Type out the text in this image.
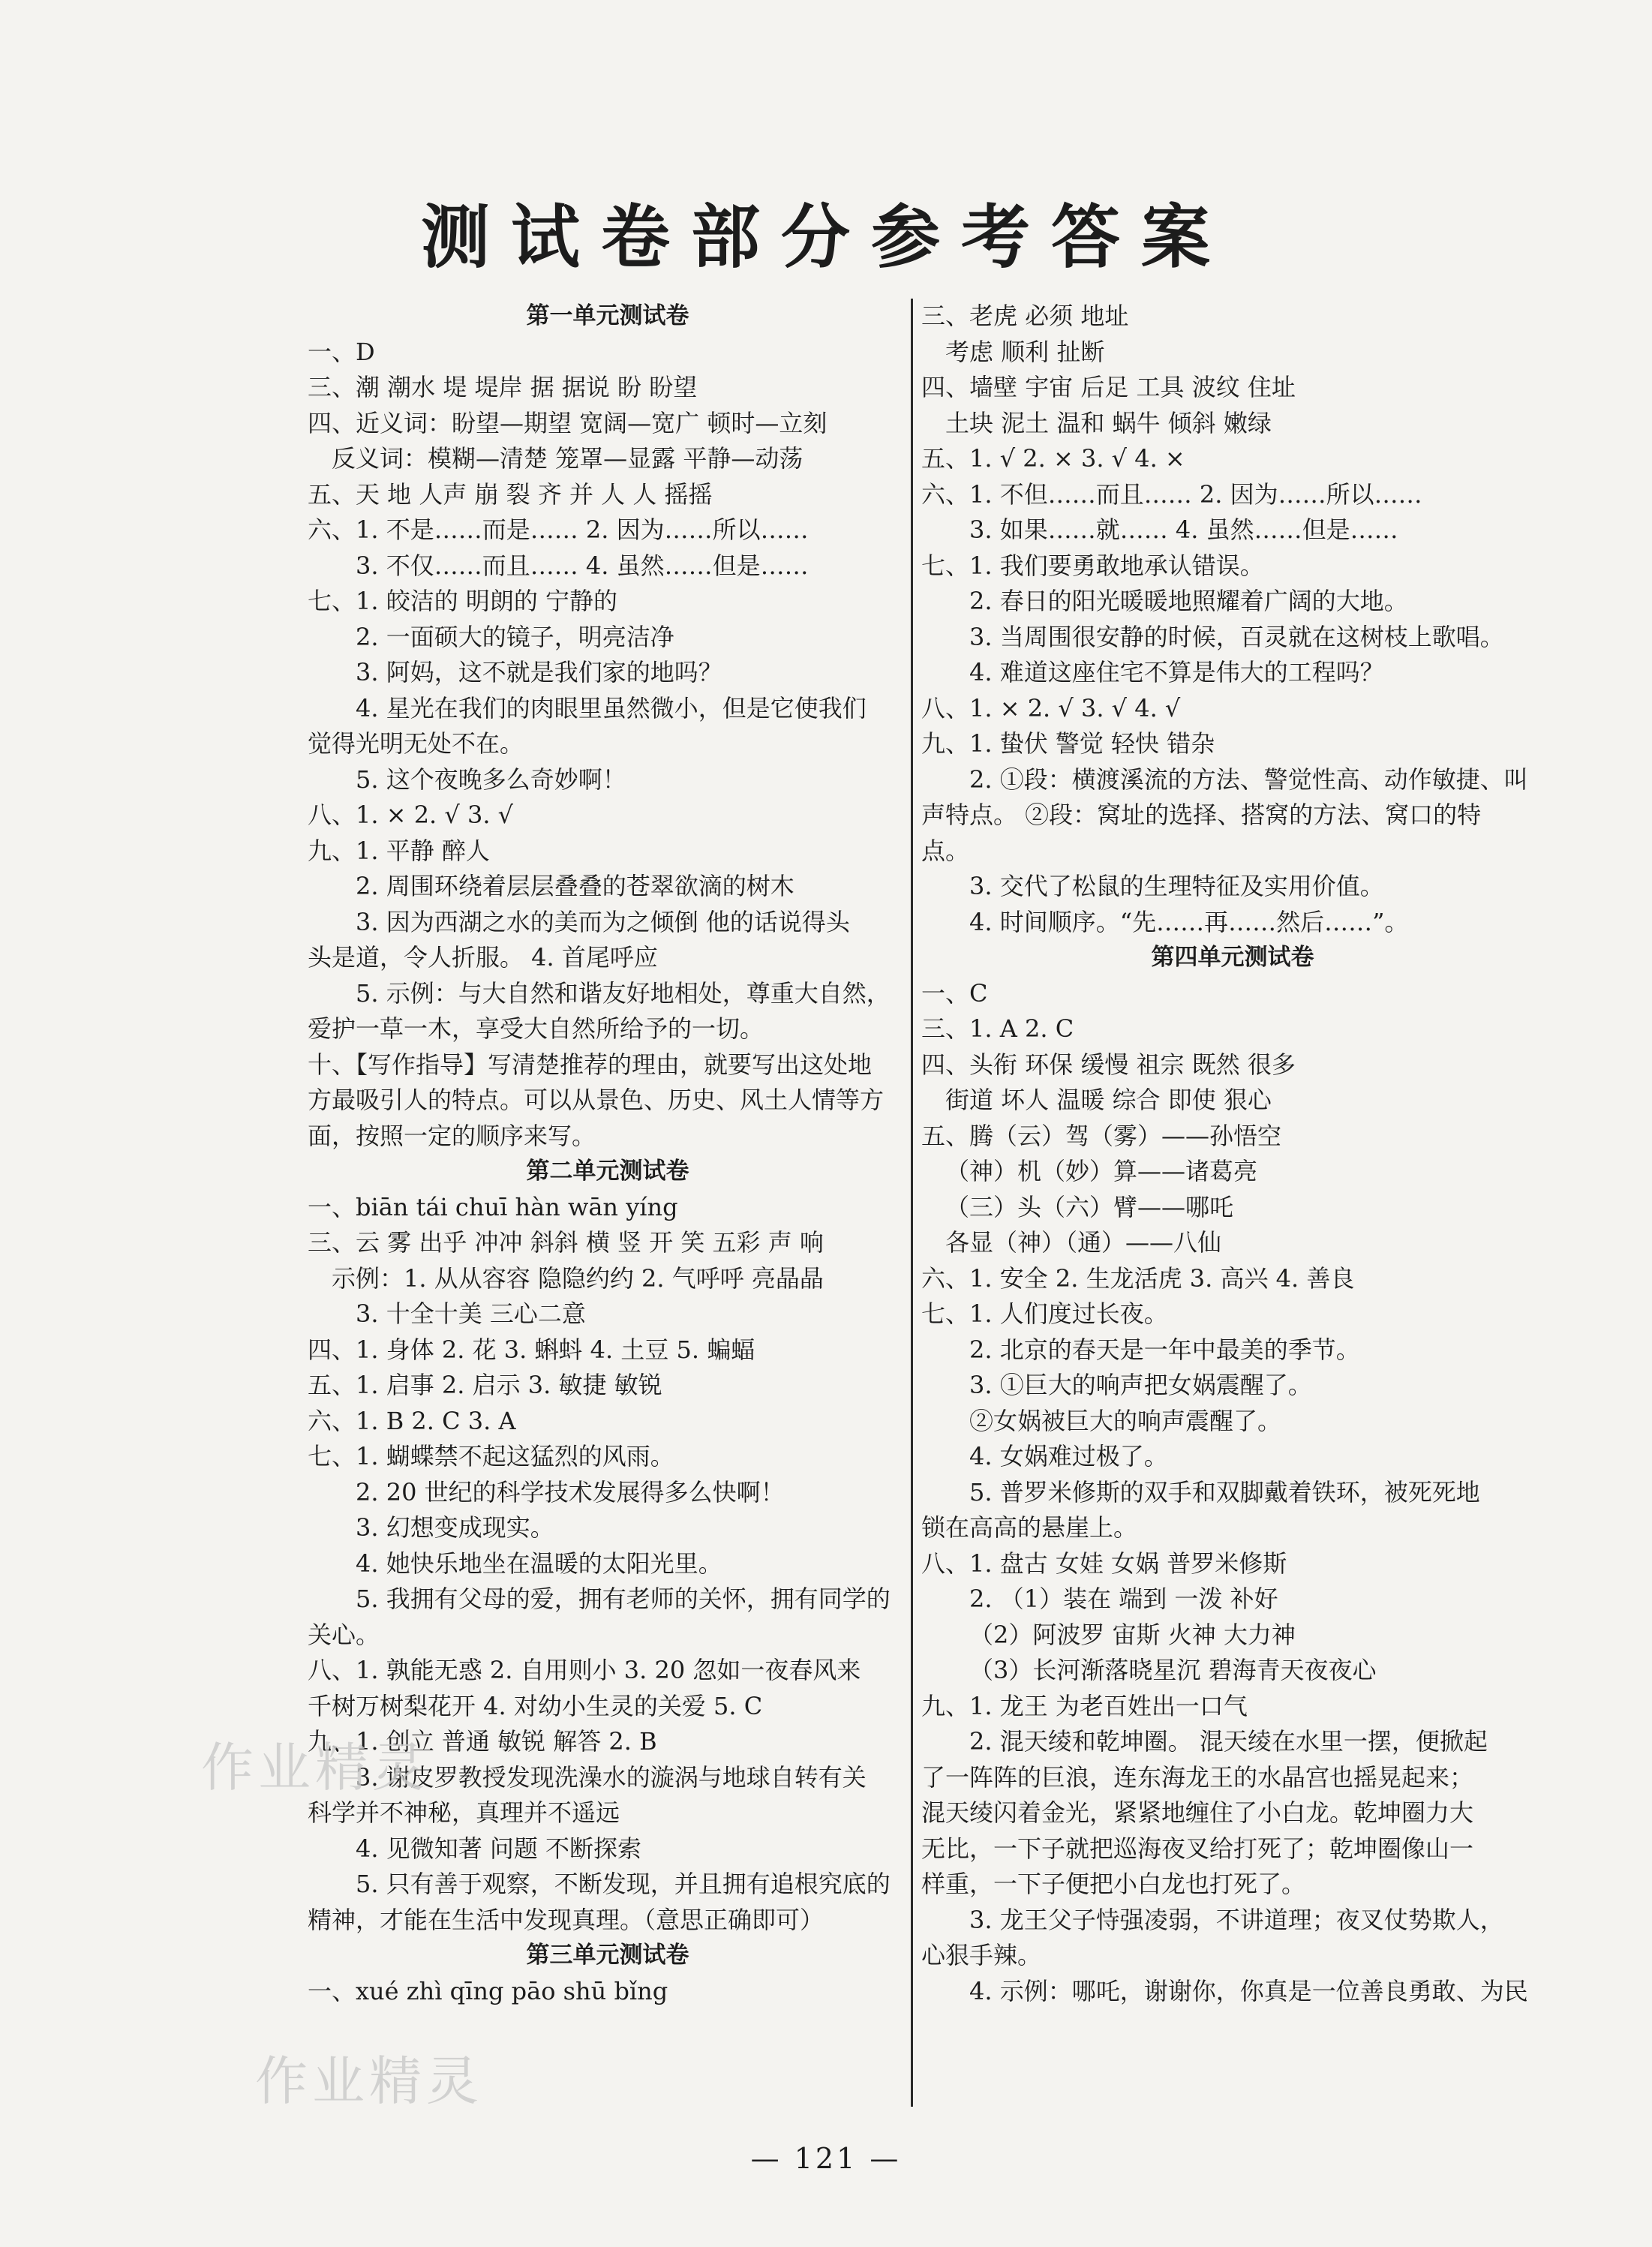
测试卷部分参考答案
第一单元测试卷
一、D
三、潮 潮水 堤 堤岸 据 据说 盼 盼望
四、近义词：盼望—期望 宽阔—宽广 顿时—立刻
反义词：模糊—清楚 笼罩—显露 平静—动荡
五、天 地 人声 崩 裂 齐 并 人 人 摇摇
六、1. 不是……而是…… 2. 因为……所以……
3. 不仅……而且…… 4. 虽然……但是……
七、1. 皎洁的 明朗的 宁静的
2. 一面硕大的镜子，明亮洁净
3. 阿妈，这不就是我们家的地吗？
4. 星光在我们的肉眼里虽然微小，但是它使我们
觉得光明无处不在。
5. 这个夜晚多么奇妙啊！
八、1. × 2. √ 3. √
九、1. 平静 醉人
2. 周围环绕着层层叠叠的苍翠欲滴的树木
3. 因为西湖之水的美而为之倾倒 他的话说得头
头是道，令人折服。 4. 首尾呼应
5. 示例：与大自然和谐友好地相处，尊重大自然，
爱护一草一木，享受大自然所给予的一切。
十、【写作指导】写清楚推荐的理由，就要写出这处地
方最吸引人的特点。可以从景色、历史、风土人情等方
面，按照一定的顺序来写。
第二单元测试卷
一、biān tái chuī hàn wān yíng
三、云 雾 出乎 冲冲 斜斜 横 竖 开 笑 五彩 声 响
示例：1. 从从容容 隐隐约约 2. 气呼呼 亮晶晶
3. 十全十美 三心二意
四、1. 身体 2. 花 3. 蝌蚪 4. 土豆 5. 蝙蝠
五、1. 启事 2. 启示 3. 敏捷 敏锐
六、1. B 2. C 3. A
七、1. 蝴蝶禁不起这猛烈的风雨。
2. 20 世纪的科学技术发展得多么快啊！
3. 幻想变成现实。
4. 她快乐地坐在温暖的太阳光里。
5. 我拥有父母的爱，拥有老师的关怀，拥有同学的
关心。
八、1. 孰能无惑 2. 自用则小 3. 20 忽如一夜春风来
千树万树梨花开 4. 对幼小生灵的关爱 5. C
九、1. 创立 普通 敏锐 解答 2. B
3. 谢皮罗教授发现洗澡水的漩涡与地球自转有关
科学并不神秘，真理并不遥远
4. 见微知著 问题 不断探索
5. 只有善于观察，不断发现，并且拥有追根究底的
精神，才能在生活中发现真理。（意思正确即可）
第三单元测试卷
一、xué zhì qīng pāo shū bǐng
三、老虎 必须 地址
考虑 顺利 扯断
四、墙壁 宇宙 后足 工具 波纹 住址
土块 泥土 温和 蜗牛 倾斜 嫩绿
五、1. √ 2. × 3. √ 4. ×
六、1. 不但……而且…… 2. 因为……所以……
3. 如果……就…… 4. 虽然……但是……
七、1. 我们要勇敢地承认错误。
2. 春日的阳光暖暖地照耀着广阔的大地。
3. 当周围很安静的时候，百灵就在这树枝上歌唱。
4. 难道这座住宅不算是伟大的工程吗？
八、1. × 2. √ 3. √ 4. √
九、1. 蛰伏 警觉 轻快 错杂
2. ①段：横渡溪流的方法、警觉性高、动作敏捷、叫
声特点。 ②段：窝址的选择、搭窝的方法、窝口的特
点。
3. 交代了松鼠的生理特征及实用价值。
4. 时间顺序。“先……再……然后……”。
第四单元测试卷
一、C
三、1. A 2. C
四、头衔 环保 缓慢 祖宗 既然 很多
街道 坏人 温暖 综合 即使 狠心
五、腾（云）驾（雾）——孙悟空
（神）机（妙）算——诸葛亮
（三）头（六）臂——哪吒
各显（神）（通）——八仙
六、1. 安全 2. 生龙活虎 3. 高兴 4. 善良
七、1. 人们度过长夜。
2. 北京的春天是一年中最美的季节。
3. ①巨大的响声把女娲震醒了。
②女娲被巨大的响声震醒了。
4. 女娲难过极了。
5. 普罗米修斯的双手和双脚戴着铁环，被死死地
锁在高高的悬崖上。
八、1. 盘古 女娃 女娲 普罗米修斯
2. （1）装在 端到 一泼 补好
（2）阿波罗 宙斯 火神 大力神
（3）长河渐落晓星沉 碧海青天夜夜心
九、1. 龙王 为老百姓出一口气
2. 混天绫和乾坤圈。 混天绫在水里一摆，便掀起
了一阵阵的巨浪，连东海龙王的水晶宫也摇晃起来；
混天绫闪着金光，紧紧地缠住了小白龙。乾坤圈力大
无比，一下子就把巡海夜叉给打死了；乾坤圈像山一
样重，一下子便把小白龙也打死了。
3. 龙王父子恃强凌弱，不讲道理；夜叉仗势欺人，
心狠手辣。
4. 示例：哪吒，谢谢你，你真是一位善良勇敢、为民
作业精灵
作业精灵
— 121 —
